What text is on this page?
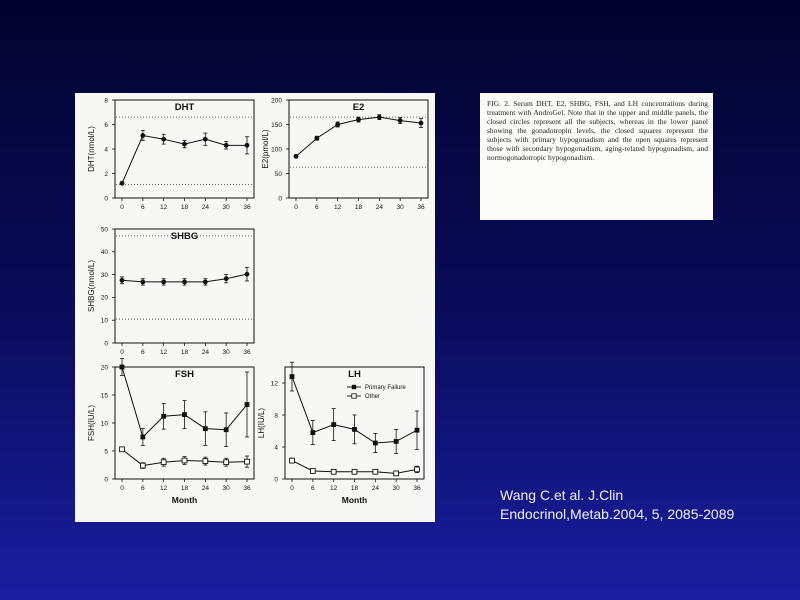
DHT
0
2
4
6
8
0	6 12 18 24 30 36
DHT(nmol/L)
E2
0
50
100
150
200
0	6 12 18 24 30 36
E2(pmol/L)
SHBG
0
10
20
30
40
50
0	6 12 18 24 30 36
SHBG(nmol/L)
FSH
0
5
10
15
20
0	6 12 18 24 30 36
FSH(IU/L)
Month
LH
0
4
8
12
0	6 12 18 24 30 36
LH(IU/L)
Month
Primary Failure
Other

FIG. 2. Serum DHT, E2, SHBG, FSH, and LH concentrations during treatment with AndroGel. Note that in the upper and middle panels, the closed circles represent all the subjects, whereas in the lower panel showing the gonadotropin levels, the closed squares represent the subjects with primary hypogonadism and the open squares represent those with secondary hypogonadism, aging-related hypogonadism, and normogonadotropic hypogonadism.

Wang C.et al. J.Clin
Endocrinol,Metab.2004, 5, 2085-2089
